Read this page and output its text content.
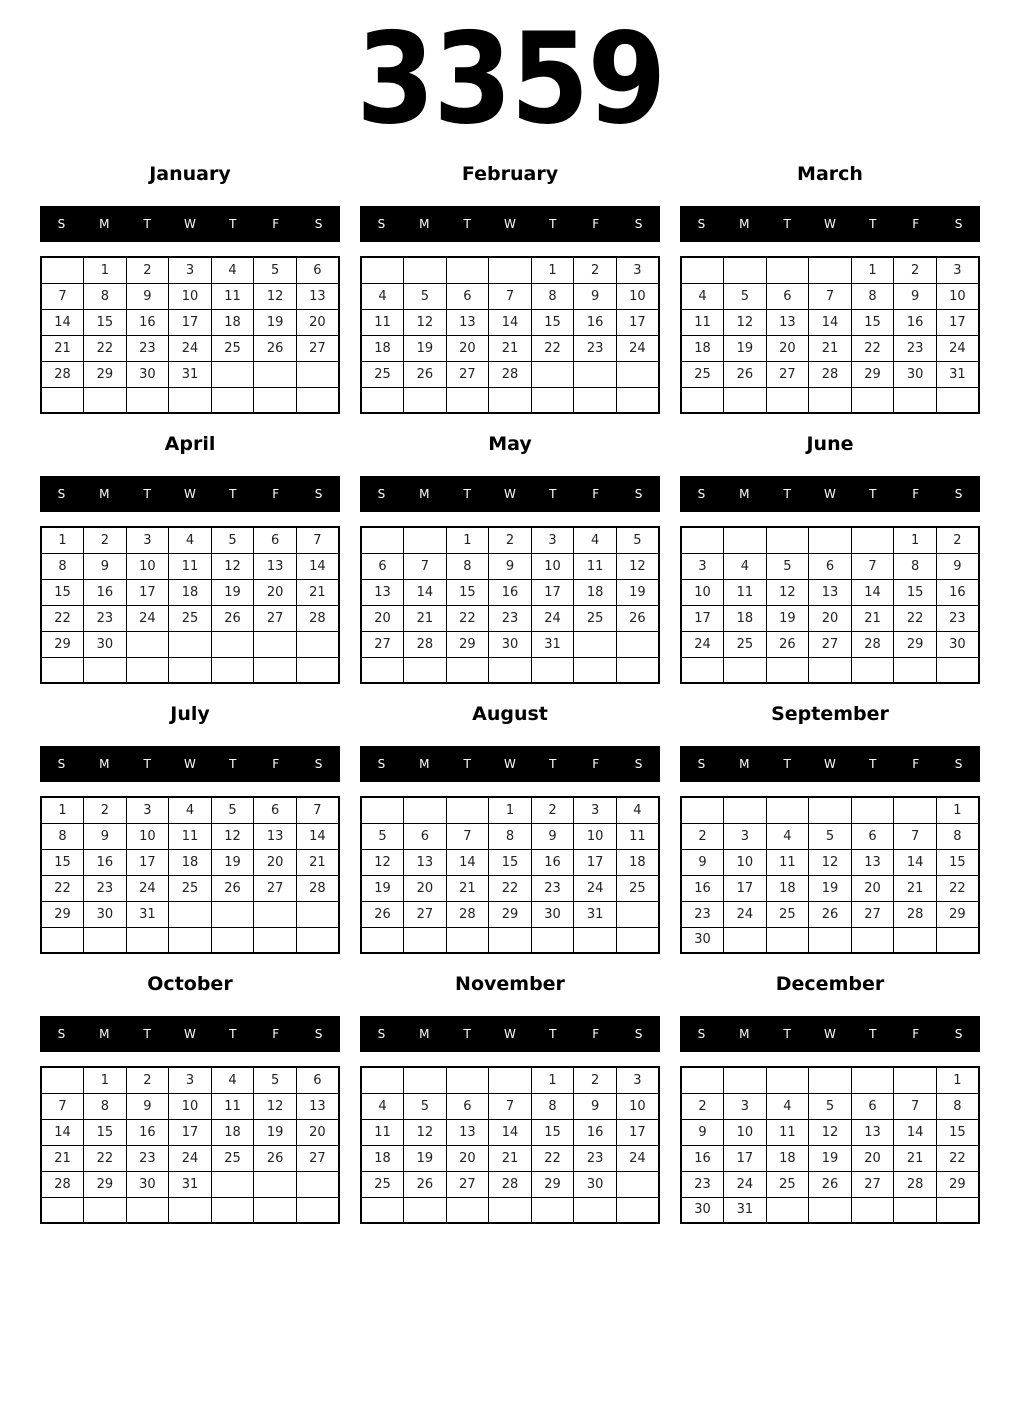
3359
January
S	M	T	W	T	F	S
	1	2	3	4	5	6
7	8	9	10	11	12	13
14	15	16	17	18	19	20
21	22	23	24	25	26	27
28	29	30	31			

February
S	M	T	W	T	F	S
				1	2	3
4	5	6	7	8	9	10
11	12	13	14	15	16	17
18	19	20	21	22	23	24
25	26	27	28			

March
S	M	T	W	T	F	S
				1	2	3
4	5	6	7	8	9	10
11	12	13	14	15	16	17
18	19	20	21	22	23	24
25	26	27	28	29	30	31

April
S	M	T	W	T	F	S
1	2	3	4	5	6	7
8	9	10	11	12	13	14
15	16	17	18	19	20	21
22	23	24	25	26	27	28
29	30					

May
S	M	T	W	T	F	S
		1	2	3	4	5
6	7	8	9	10	11	12
13	14	15	16	17	18	19
20	21	22	23	24	25	26
27	28	29	30	31		

June
S	M	T	W	T	F	S
					1	2
3	4	5	6	7	8	9
10	11	12	13	14	15	16
17	18	19	20	21	22	23
24	25	26	27	28	29	30

July
S	M	T	W	T	F	S
1	2	3	4	5	6	7
8	9	10	11	12	13	14
15	16	17	18	19	20	21
22	23	24	25	26	27	28
29	30	31				

August
S	M	T	W	T	F	S
			1	2	3	4
5	6	7	8	9	10	11
12	13	14	15	16	17	18
19	20	21	22	23	24	25
26	27	28	29	30	31	

September
S	M	T	W	T	F	S
						1
2	3	4	5	6	7	8
9	10	11	12	13	14	15
16	17	18	19	20	21	22
23	24	25	26	27	28	29
30						
October
S	M	T	W	T	F	S
	1	2	3	4	5	6
7	8	9	10	11	12	13
14	15	16	17	18	19	20
21	22	23	24	25	26	27
28	29	30	31			

November
S	M	T	W	T	F	S
				1	2	3
4	5	6	7	8	9	10
11	12	13	14	15	16	17
18	19	20	21	22	23	24
25	26	27	28	29	30	

December
S	M	T	W	T	F	S
						1
2	3	4	5	6	7	8
9	10	11	12	13	14	15
16	17	18	19	20	21	22
23	24	25	26	27	28	29
30	31					
